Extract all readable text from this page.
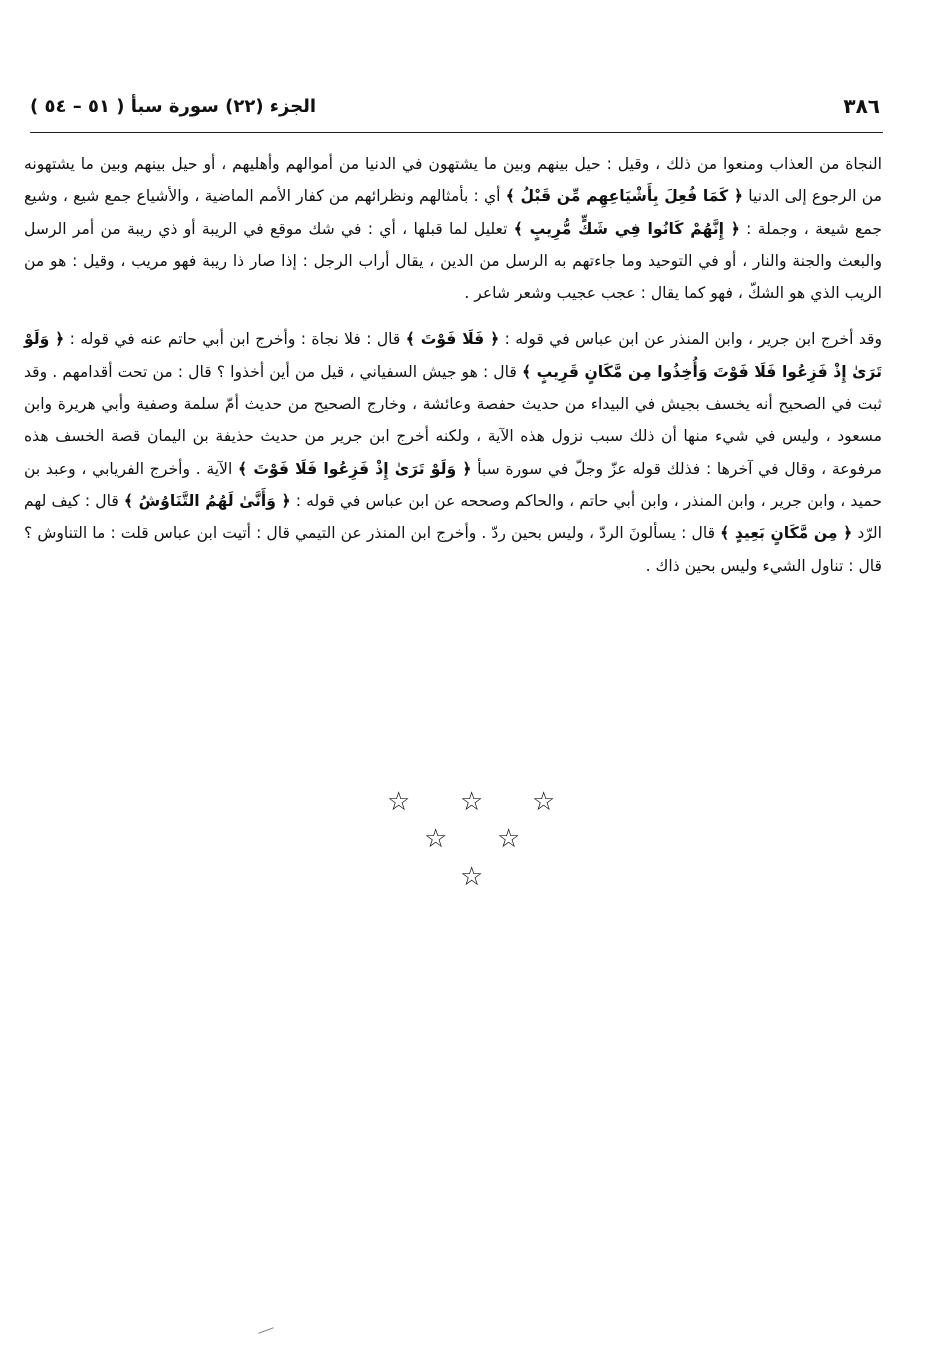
٣٨٦
الجزء (٢٢) سورة سبأ ( ٥١ – ٥٤ )

النجاة من العذاب ومنعوا من ذلك ، وقيل : حيل بينهم وبين ما يشتهون في الدنيا من أموالهم وأهليهم ، أو حيل بينهم وبين ما يشتهونه من الرجوع إلى الدنيا ﴿ كَمَا فُعِلَ بِأَشْيَاعِهِم مِّن قَبْلُ ﴾ أي : بأمثالهم ونظرائهم من كفار الأمم الماضية ، والأشياع جمع شيع ، وشيع جمع شيعة ، وجملة : ﴿ إِنَّهُمْ كَانُوا فِي شَكٍّ مُّرِيبٍ ﴾ تعليل لما قبلها ، أي : في شك موقع في الريبة أو ذي ريبة من أمر الرسل والبعث والجنة والنار ، أو في التوحيد وما جاءتهم به الرسل من الدين ، يقال أراب الرجل : إذا صار ذا ريبة فهو مريب ، وقيل : هو من الريب الذي هو الشكّ ، فهو كما يقال : عجب عجيب وشعر شاعر .

وقد أخرج ابن جرير ، وابن المنذر عن ابن عباس في قوله : ﴿ فَلَا فَوْتَ ﴾ قال : فلا نجاة : وأخرج ابن أبي حاتم عنه في قوله : ﴿ وَلَوْ تَرَىٰ إِذْ فَزِعُوا فَلَا فَوْتَ وَأُخِذُوا مِن مَّكَانٍ قَرِيبٍ ﴾ قال : هو جيش السفياني ، قيل من أين أخذوا ؟ قال : من تحت أقدامهم . وقد ثبت في الصحيح أنه يخسف بجيش في البيداء من حديث حفصة وعائشة ، وخارج الصحيح من حديث أمّ سلمة وصفية وأبي هريرة وابن مسعود ، وليس في شيء منها أن ذلك سبب نزول هذه الآية ، ولكنه أخرج ابن جرير من حديث حذيفة بن اليمان قصة الخسف هذه مرفوعة ، وقال في آخرها : فذلك قوله عزّ وجلّ في سورة سبأ ﴿ وَلَوْ تَرَىٰ إِذْ فَزِعُوا فَلَا فَوْتَ ﴾ الآية . وأخرج الفريابي ، وعبد بن حميد ، وابن جرير ، وابن المنذر ، وابن أبي حاتم ، والحاكم وصححه عن ابن عباس في قوله : ﴿ وَأَنَّىٰ لَهُمُ التَّنَاوُشُ ﴾ قال : كيف لهم الرّد ﴿ مِن مَّكَانٍ بَعِيدٍ ﴾ قال : يسألونَ الردّ ، وليس بحين ردّ . وأخرج ابن المنذر عن التيمي قال : أتيت ابن عباس قلت : ما التناوش ؟ قال : تناول الشيء وليس بحين ذاك .

☆ ☆ ☆
☆ ☆
☆
